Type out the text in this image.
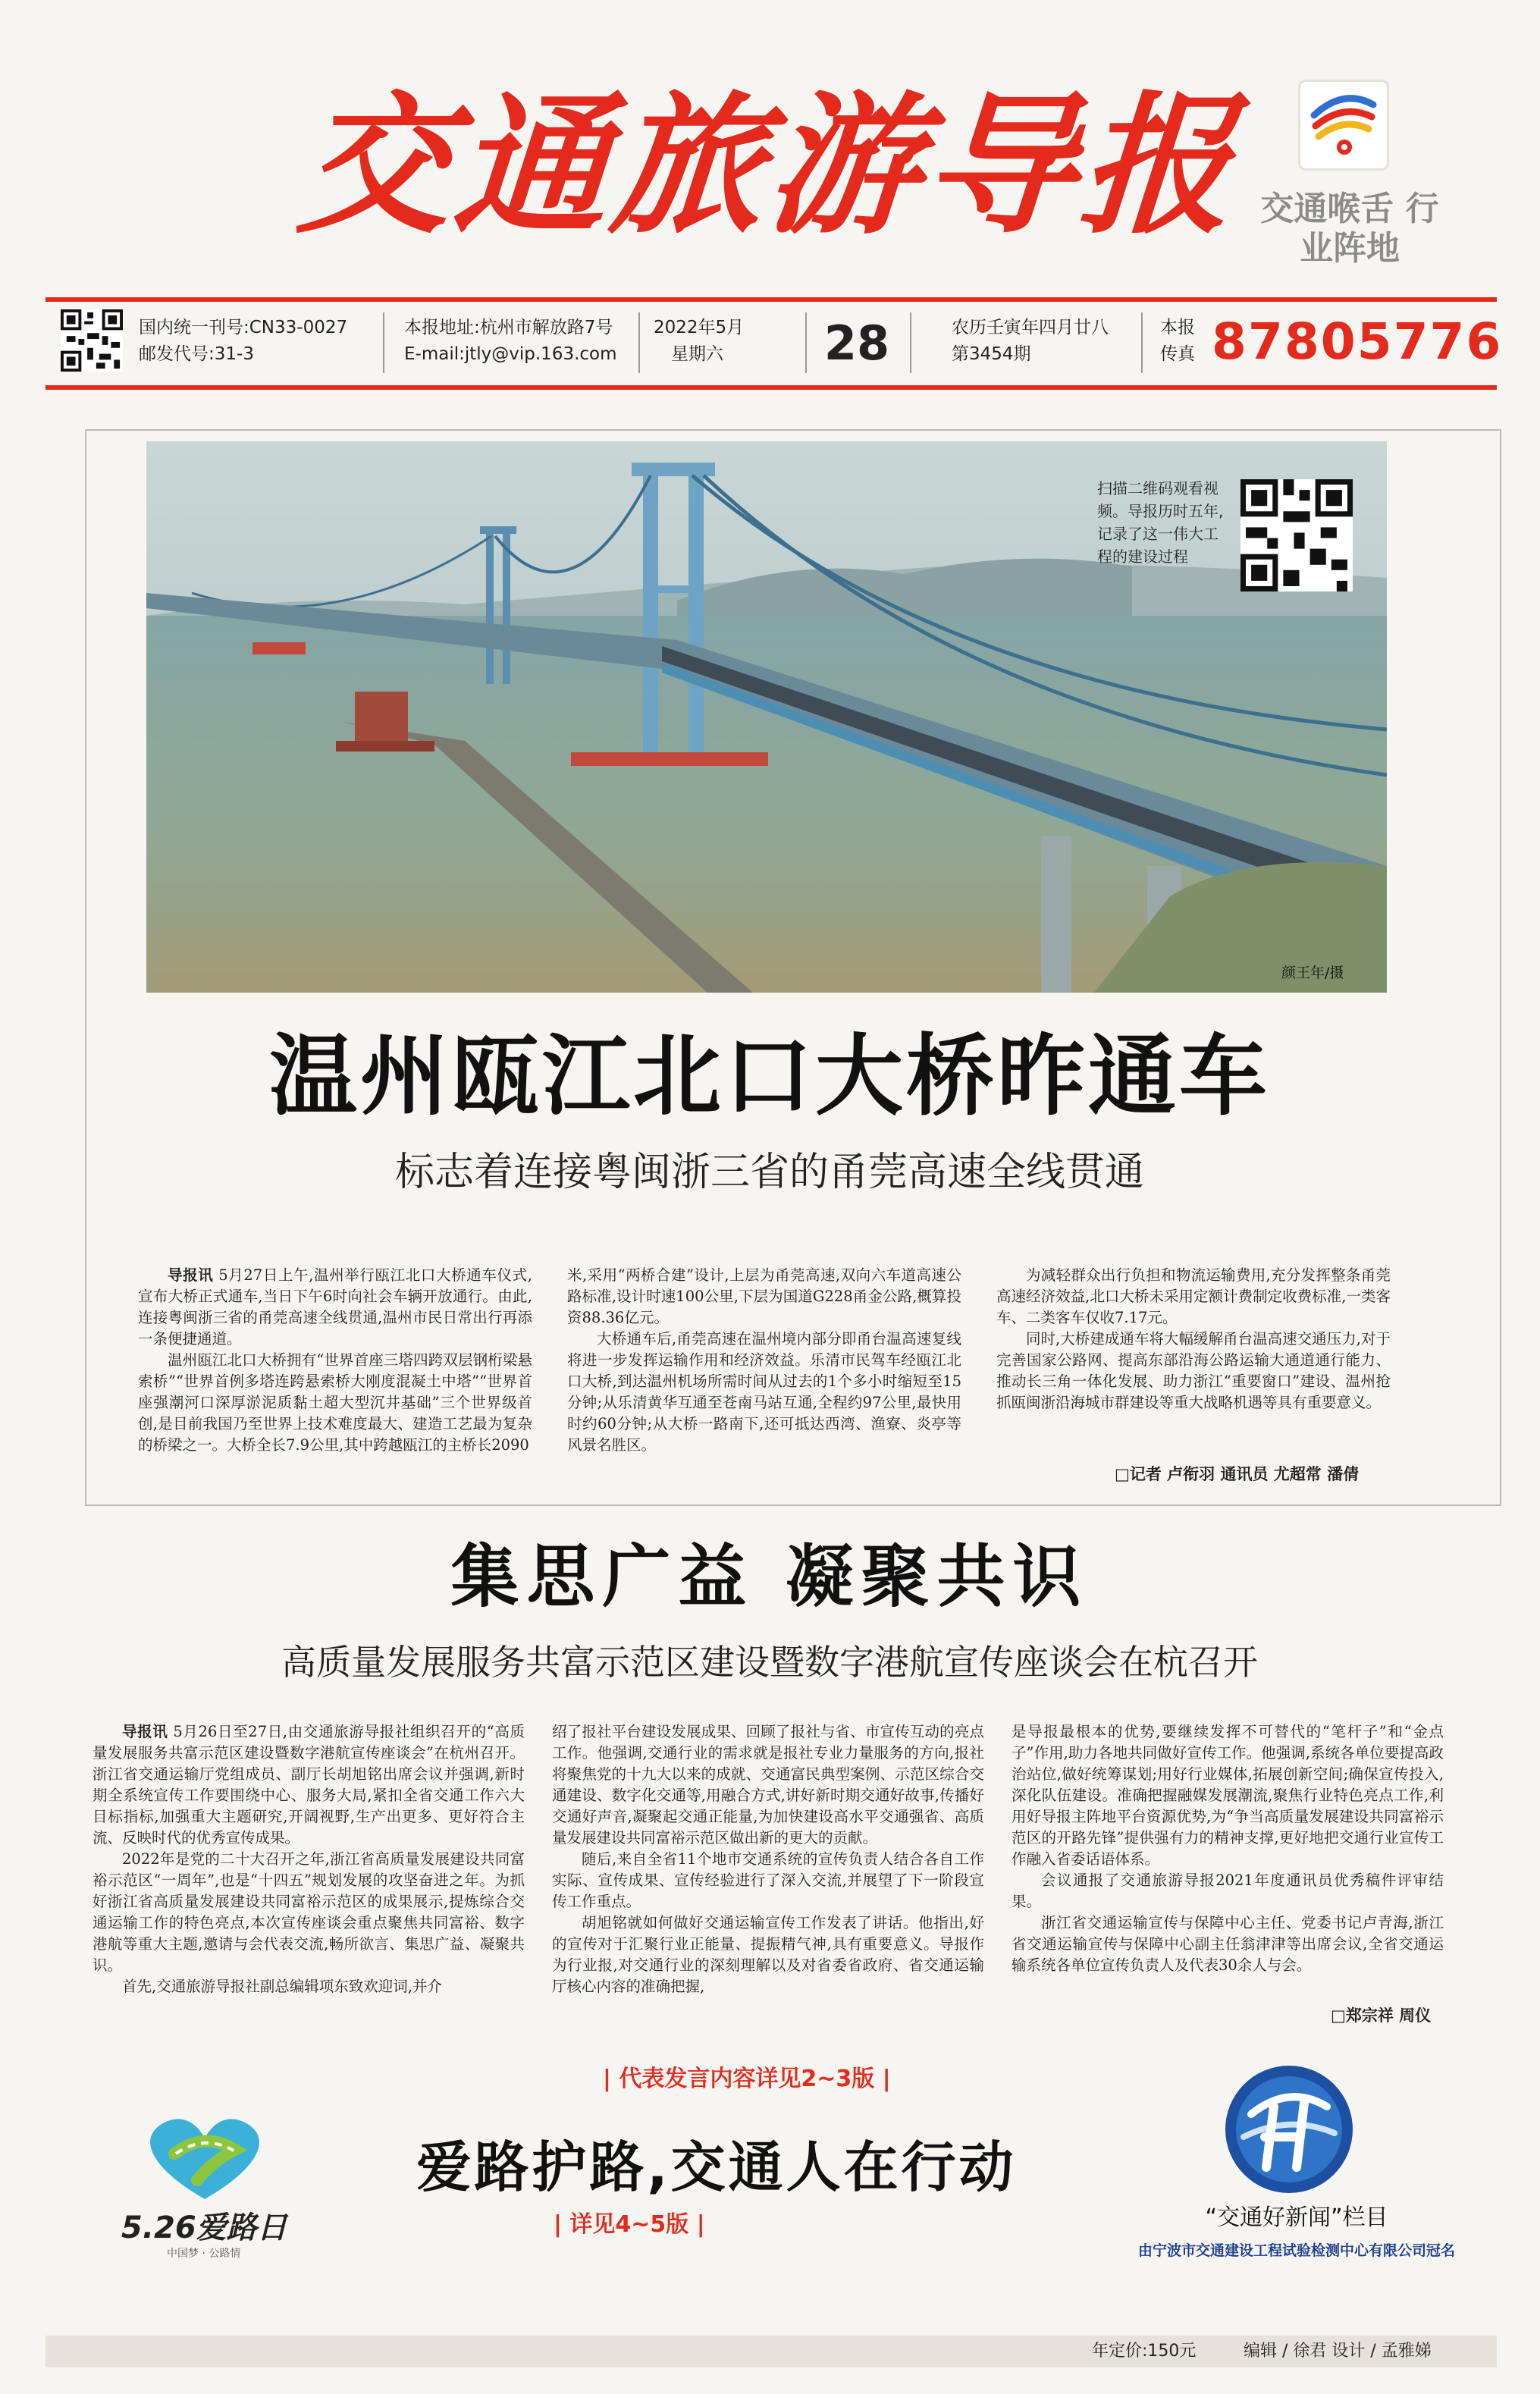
交通旅游导报 交通喉舌 行业阵地
国内统一刊号:CN33-0027
邮发代号:31-3
本报地址:杭州市解放路7号
E-mail:jtly@vip.163.com
2022年5月
星期六 28	农历壬寅年四月廿八
第3454期
本报
传真 87805776
扫描二维码观看视频。导报历时五年,记录了这一伟大工程的建设过程
颜王年/摄
温州瓯江北口大桥昨通车
标志着连接粤闽浙三省的甬莞高速全线贯通

导报讯 5月27日上午,温州举行瓯江北口大桥通车仪式,宣布大桥正式通车,当日下午6时向社会车辆开放通行。由此,连接粤闽浙三省的甬莞高速全线贯通,温州市民日常出行再添一条便捷通道。

温州瓯江北口大桥拥有“世界首座三塔四跨双层钢桁梁悬索桥”“世界首例多塔连跨悬索桥大刚度混凝土中塔”“世界首座强潮河口深厚淤泥质黏土超大型沉井基础”三个世界级首创,是目前我国乃至世界上技术难度最大、建造工艺最为复杂的桥梁之一。大桥全长7.9公里,其中跨越瓯江的主桥长2090

米,采用“两桥合建”设计,上层为甬莞高速,双向六车道高速公路标准,设计时速100公里,下层为国道G228甬金公路,概算投资88.36亿元。

大桥通车后,甬莞高速在温州境内部分即甬台温高速复线将进一步发挥运输作用和经济效益。乐清市民驾车经瓯江北口大桥,到达温州机场所需时间从过去的1个多小时缩短至15分钟;从乐清黄华互通至苍南马站互通,全程约97公里,最快用时约60分钟;从大桥一路南下,还可抵达西湾、渔寮、炎亭等风景名胜区。

为减轻群众出行负担和物流运输费用,充分发挥整条甬莞高速经济效益,北口大桥未采用定额计费制定收费标准,一类客车、二类客车仅收7.17元。

同时,大桥建成通车将大幅缓解甬台温高速交通压力,对于完善国家公路网、提高东部沿海公路运输大通道通行能力、推动长三角一体化发展、助力浙江“重要窗口”建设、温州抢抓瓯闽浙沿海城市群建设等重大战略机遇等具有重要意义。

□记者 卢衔羽 通讯员 尤超常 潘倩
集思广益 凝聚共识
高质量发展服务共富示范区建设暨数字港航宣传座谈会在杭召开

导报讯 5月26日至27日,由交通旅游导报社组织召开的“高质量发展服务共富示范区建设暨数字港航宣传座谈会”在杭州召开。浙江省交通运输厅党组成员、副厅长胡旭铭出席会议并强调,新时期全系统宣传工作要围绕中心、服务大局,紧扣全省交通工作六大目标指标,加强重大主题研究,开阔视野,生产出更多、更好符合主流、反映时代的优秀宣传成果。

2022年是党的二十大召开之年,浙江省高质量发展建设共同富裕示范区“一周年”,也是“十四五”规划发展的攻坚奋进之年。为抓好浙江省高质量发展建设共同富裕示范区的成果展示,提炼综合交通运输工作的特色亮点,本次宣传座谈会重点聚焦共同富裕、数字港航等重大主题,邀请与会代表交流,畅所欲言、集思广益、凝聚共识。

首先,交通旅游导报社副总编辑项东致欢迎词,并介

绍了报社平台建设发展成果、回顾了报社与省、市宣传互动的亮点工作。他强调,交通行业的需求就是报社专业力量服务的方向,报社将聚焦党的十九大以来的成就、交通富民典型案例、示范区综合交通建设、数字化交通等,用融合方式,讲好新时期交通好故事,传播好交通好声音,凝聚起交通正能量,为加快建设高水平交通强省、高质量发展建设共同富裕示范区做出新的更大的贡献。

随后,来自全省11个地市交通系统的宣传负责人结合各自工作实际、宣传成果、宣传经验进行了深入交流,并展望了下一阶段宣传工作重点。

胡旭铭就如何做好交通运输宣传工作发表了讲话。他指出,好的宣传对于汇聚行业正能量、提振精气神,具有重要意义。导报作为行业报,对交通行业的深刻理解以及对省委省政府、省交通运输厅核心内容的准确把握,

是导报最根本的优势,要继续发挥不可替代的“笔杆子”和“金点子”作用,助力各地共同做好宣传工作。他强调,系统各单位要提高政治站位,做好统筹谋划;用好行业媒体,拓展创新空间;确保宣传投入,深化队伍建设。准确把握融媒发展潮流,聚焦行业特色亮点工作,利用好导报主阵地平台资源优势,为“争当高质量发展建设共同富裕示范区的开路先锋”提供强有力的精神支撑,更好地把交通行业宣传工作融入省委话语体系。

会议通报了交通旅游导报2021年度通讯员优秀稿件评审结果。

浙江省交通运输宣传与保障中心主任、党委书记卢青海,浙江省交通运输宣传与保障中心副主任翁津津等出席会议,全省交通运输系统各单位宣传负责人及代表30余人与会。

□郑宗祥 周仪
| 代表发言内容详见2~3版 |
5.26爱路日
中国梦 · 公路情
爱路护路,交通人在行动
| 详见4~5版 |	“交通好新闻”栏目
由宁波市交通建设工程试验检测中心有限公司冠名
年定价:150元	编辑 / 徐君 设计 / 孟雅娣
